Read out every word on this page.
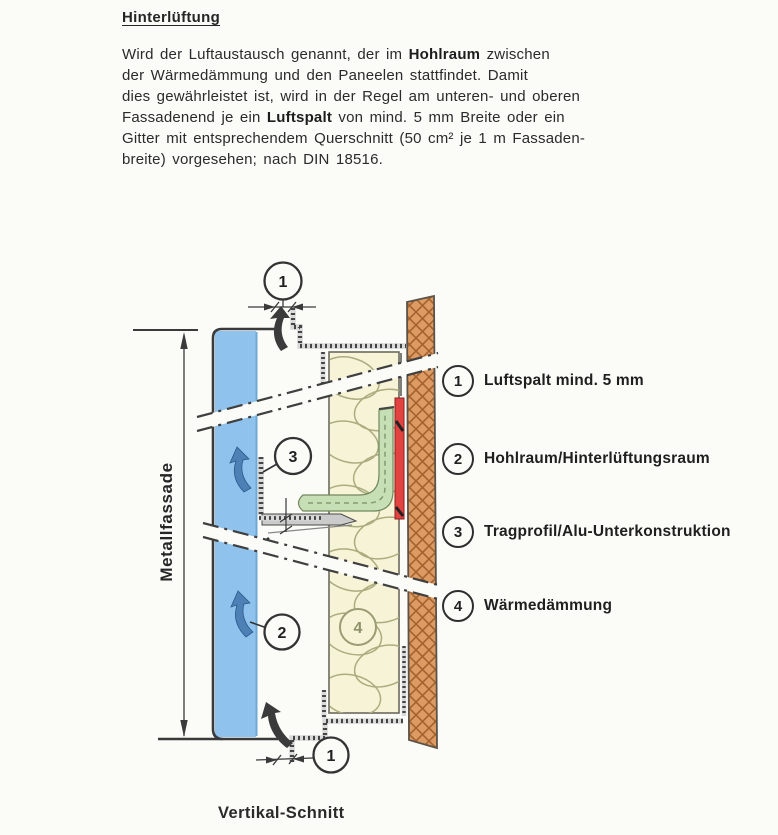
1
3
2	4
1
Hinterlüftung
Wird der Luftaustausch genannt, der im Hohlraum zwischen
der Wärmedämmung und den Paneelen stattfindet. Damit
dies gewährleistet ist, wird in der Regel am unteren- und oberen
Fassadenend je ein Luftspalt von mind. 5 mm Breite oder ein
Gitter mit entsprechendem Querschnitt (50 cm² je 1 m Fassaden-
breite) vorgesehen; nach DIN 18516.
Metallfassade
1	Luftspalt mind. 5 mm
2	Hohlraum/Hinterlüftungsraum
3	Tragprofil/Alu-Unterkonstruktion
4	Wärmedämmung
Vertikal-Schnitt
